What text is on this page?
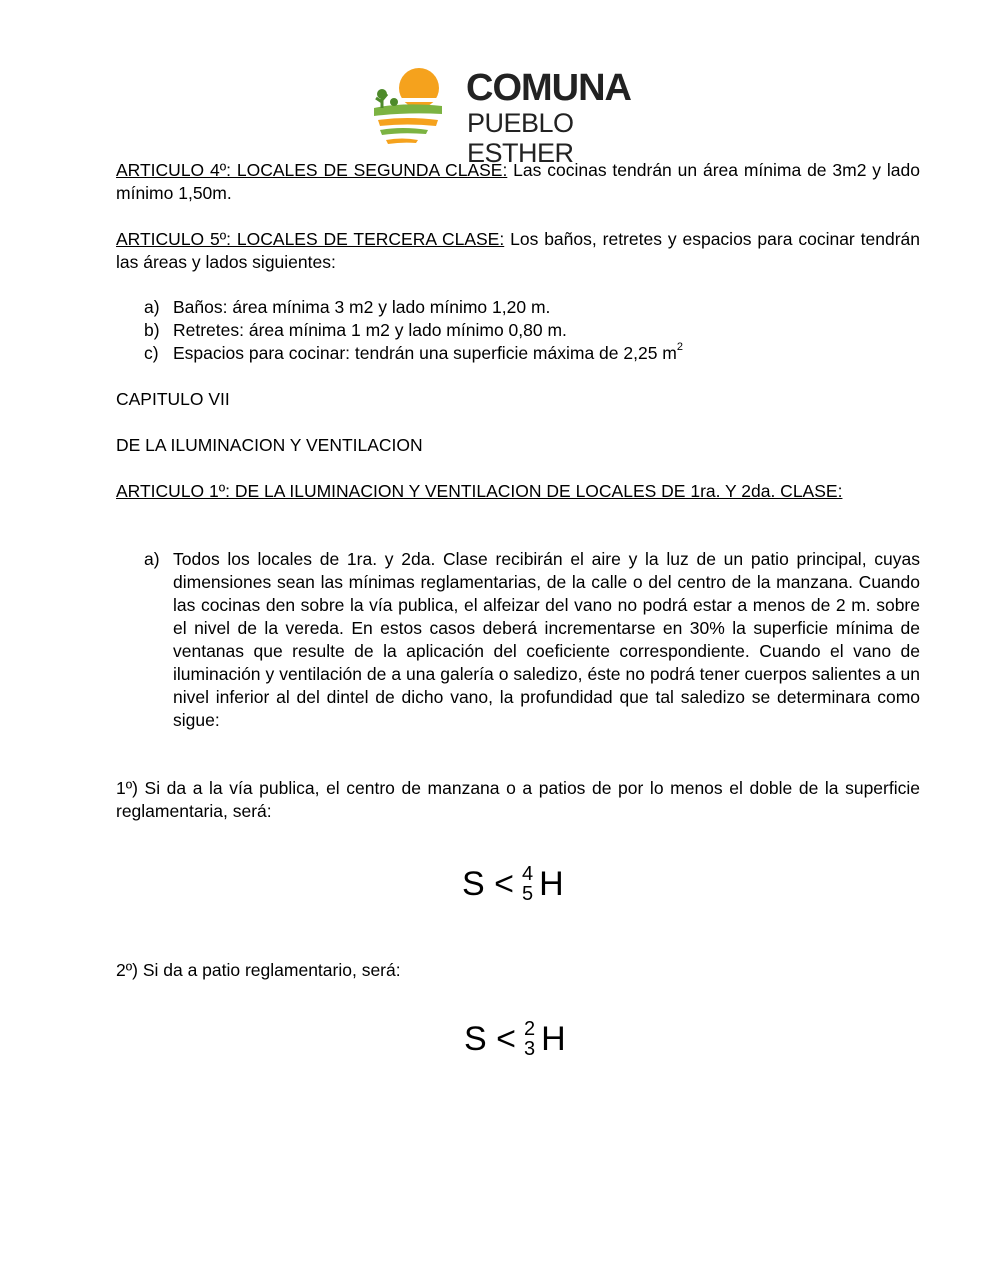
COMUNA
PUEBLO ESTHER
ARTICULO 4º: LOCALES DE SEGUNDA CLASE: Las cocinas tendrán un área mínima de 3m2 y lado mínimo 1,50m.
ARTICULO 5º: LOCALES DE TERCERA CLASE: Los baños, retretes y espacios para cocinar tendrán las áreas y lados siguientes:
a) Baños: área mínima 3 m2 y lado mínimo 1,20 m.
b) Retretes: área mínima 1 m2 y lado mínimo 0,80 m.
c) Espacios para cocinar: tendrán una superficie máxima de 2,25 $m^2$
CAPITULO VII
DE LA ILUMINACION Y VENTILACION
ARTICULO 1º: DE LA ILUMINACION Y VENTILACION DE LOCALES DE 1ra. Y 2da. CLASE:
a) Todos los locales de 1ra. y 2da. Clase recibirán el aire y la luz de un patio principal, cuyas dimensiones sean las mínimas reglamentarias, de la calle o del centro de la manzana. Cuando las cocinas den sobre la vía publica, el alfeizar del vano no podrá estar a menos de 2 m. sobre el nivel de la vereda. En estos casos deberá incrementarse en 30% la superficie mínima de ventanas que resulte de la aplicación del coeficiente correspondiente. Cuando el vano de iluminación y ventilación de a una galería o saledizo, éste no podrá tener cuerpos salientes a un nivel inferior al del dintel de dicho vano, la profundidad que tal saledizo se determinara como sigue:
1º) Si da a la vía publica, el centro de manzana o a patios de por lo menos el doble de la superficie reglamentaria, será:
S < 4
5 H
2º) Si da a patio reglamentario, será:
S < 2
3 H
